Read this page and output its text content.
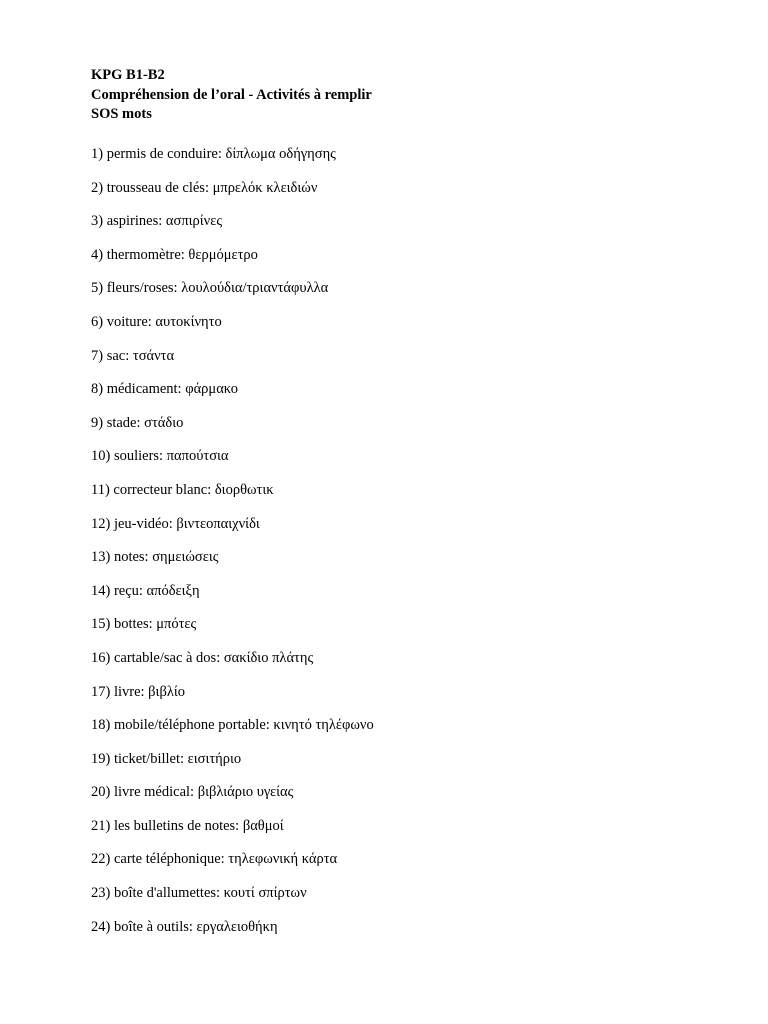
KPG B1-B2
Compréhension de l’oral - Activités à remplir
SOS mots
1) permis de conduire: δίπλωμα οδήγησης
2) trousseau de clés: μπρελόκ κλειδιών
3) aspirines: ασπιρίνες
4) thermomètre: θερμόμετρο
5) fleurs/roses: λουλούδια/τριαντάφυλλα
6) voiture: αυτοκίνητο
7) sac: τσάντα
8) médicament: φάρμακο
9) stade: στάδιο
10) souliers: παπούτσια
11) correcteur blanc: διορθωτικ
12) jeu-vidéo: βιντεοπαιχνίδι
13) notes: σημειώσεις
14) reçu: απόδειξη
15) bottes: μπότες
16) cartable/sac à dos: σακίδιο πλάτης
17) livre: βιβλίο
18) mobile/téléphone portable: κινητό τηλέφωνο
19) ticket/billet: εισιτήριο
20) livre médical: βιβλιάριο υγείας
21) les bulletins de notes: βαθμοί
22) carte téléphonique: τηλεφωνική κάρτα
23) boîte d'allumettes: κουτί σπίρτων
24) boîte à outils: εργαλειοθήκη
